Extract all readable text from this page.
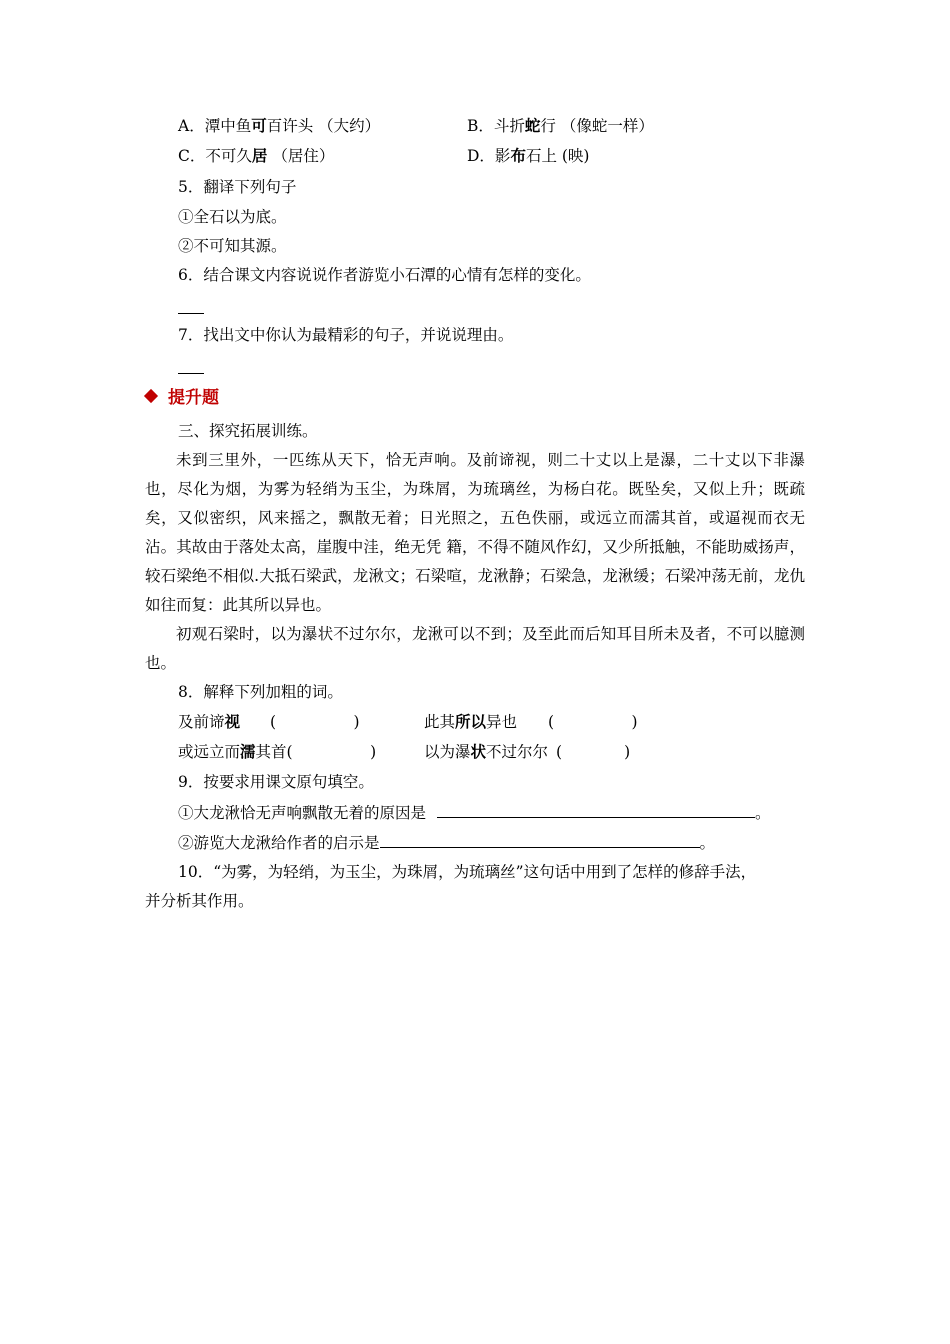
A．潭中鱼可百许头 （大约）	B．斗折蛇行 （像蛇一样）
C．不可久居 （居住）	D．影布石上 (映)
5．翻译下列句子
①全石以为底。
②不可知其源。
6．结合课文内容说说作者游览小石潭的心情有怎样的变化。
7．找出文中你认为最精彩的句子，并说说理由。
提升题
三、探究拓展训练。
未到三里外，一匹练从天下，恰无声响。及前谛视，则二十丈以上是瀑，二十丈以下非瀑也，尽化为烟，为雾为轻绡为玉尘，为珠屑，为琉璃丝，为杨白花。既坠矣，又似上升；既疏矣，又似密织，风来摇之，飘散无着；日光照之，五色佚丽，或远立而濡其首，或逼视而衣无沾。其故由于落处太高，崖腹中洼，绝无凭 籍，不得不随风作幻，又少所抵触，不能助威扬声，较石梁绝不相似.大抵石梁武，龙湫文；石梁喧，龙湫静；石梁急，龙湫缓；石梁冲荡无前，龙仇如往而复：此其所以异也。
初观石梁时，以为瀑状不过尔尔，龙湫可以不到；及至此而后知耳目所未及者，不可以臆测也。
8．解释下列加粗的词。
及前谛视 (　　　　　)	此其所以异也 (　　　　　)
或远立而濡其首(　　　　　)	以为瀑状不过尔尔 (　　　　)
9．按要求用课文原句填空。
①大龙湫恰无声响飘散无着的原因是	。
②游览大龙湫给作者的启示是	。
10．“为雾，为轻绡，为玉尘，为珠屑，为琉璃丝”这句话中用到了怎样的修辞手法，
并分析其作用。
